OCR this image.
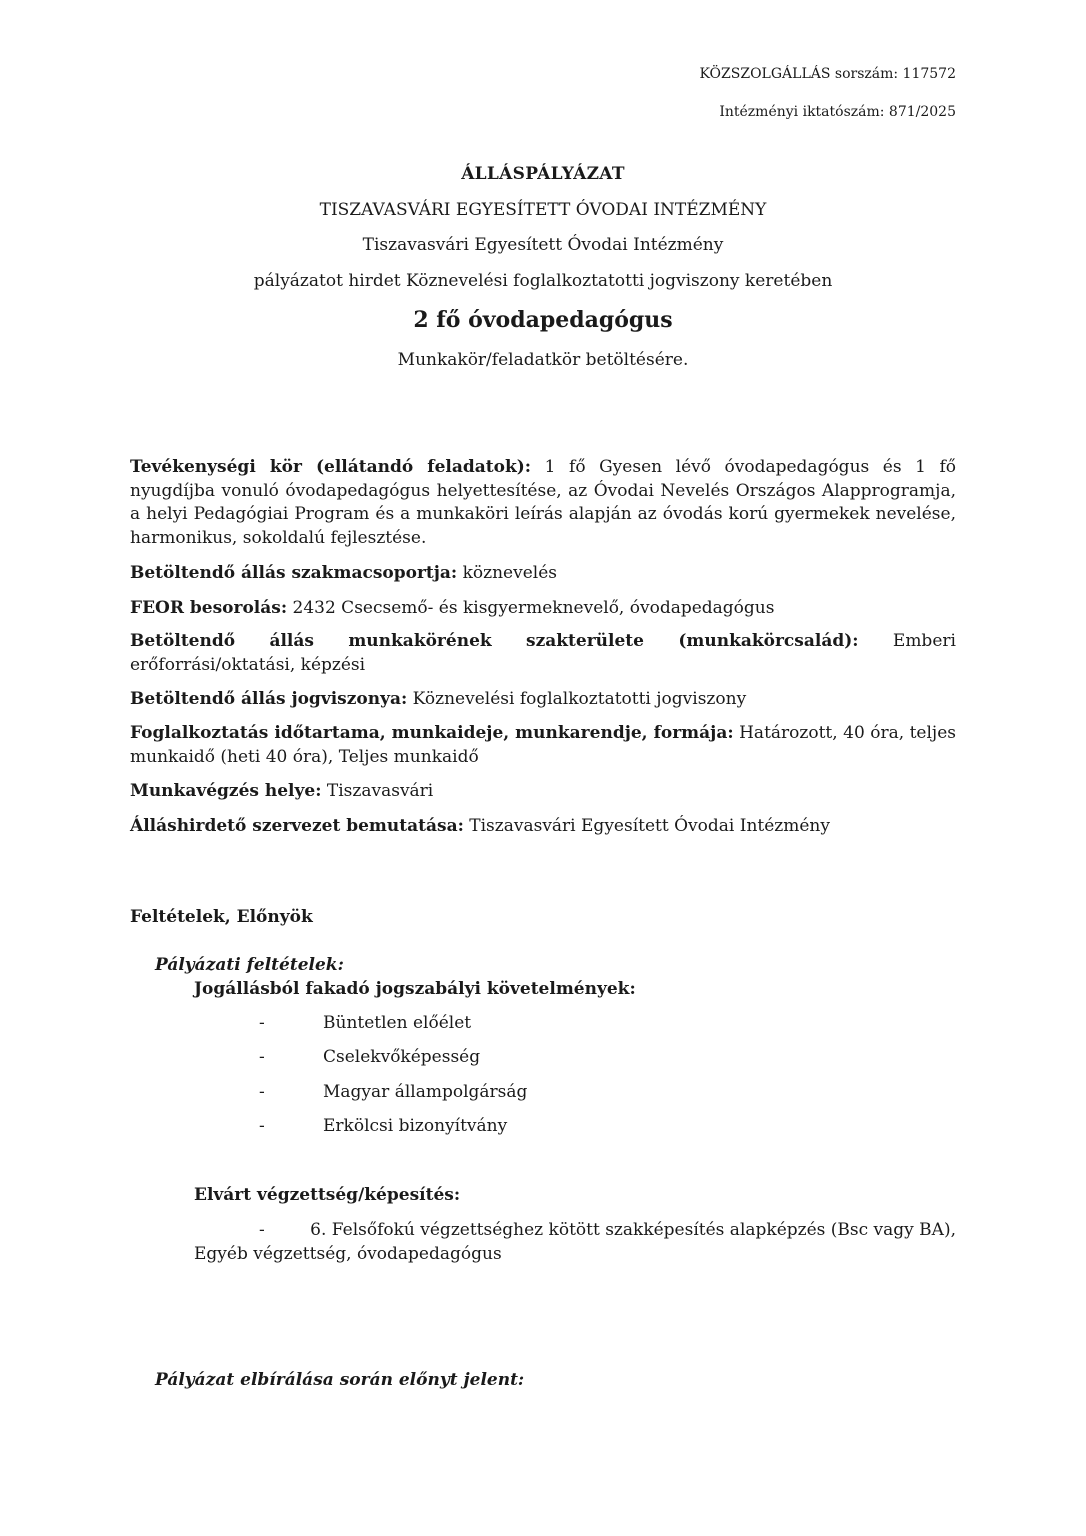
KÖZSZOLGÁLLÁS sorszám: 117572
Intézményi iktatószám: 871/2025
ÁLLÁSPÁLYÁZAT
TISZAVASVÁRI EGYESÍTETT ÓVODAI INTÉZMÉNY
Tiszavasvári Egyesített Óvodai Intézmény
pályázatot hirdet Köznevelési foglalkoztatotti jogviszony keretében
2 fő óvodapedagógus
Munkakör/feladatkör betöltésére.
Tevékenységi kör (ellátandó feladatok): 1 fő Gyesen lévő óvodapedagógus és 1 fő nyugdíjba vonuló óvodapedagógus helyettesítése, az Óvodai Nevelés Országos Alapprogramja, a helyi Pedagógiai Program és a munkaköri leírás alapján az óvodás korú gyermekek nevelése, harmonikus, sokoldalú fejlesztése.
Betöltendő állás szakmacsoportja: köznevelés
FEOR besorolás: 2432 Csecsemő- és kisgyermeknevelő, óvodapedagógus
Betöltendő állás munkakörének szakterülete (munkakörcsalád): Emberi
erőforrási/oktatási, képzési
Betöltendő állás jogviszonya: Köznevelési foglalkoztatotti jogviszony
Foglalkoztatás időtartama, munkaideje, munkarendje, formája: Határozott, 40 óra, teljes munkaidő (heti 40 óra), Teljes munkaidő
Munkavégzés helye: Tiszavasvári
Álláshirdető szervezet bemutatása: Tiszavasvári Egyesített Óvodai Intézmény
Feltételek, Előnyök
Pályázati feltételek:
Jogállásból fakadó jogszabályi követelmények:
-	Büntetlen előélet
-	Cselekvőképesség
-	Magyar állampolgárság
-	Erkölcsi bizonyítvány
Elvárt végzettség/képesítés:
-	6. Felsőfokú végzettséghez kötött szakképesítés alapképzés (Bsc vagy BA),
Egyéb végzettség, óvodapedagógus
Pályázat elbírálása során előnyt jelent:
